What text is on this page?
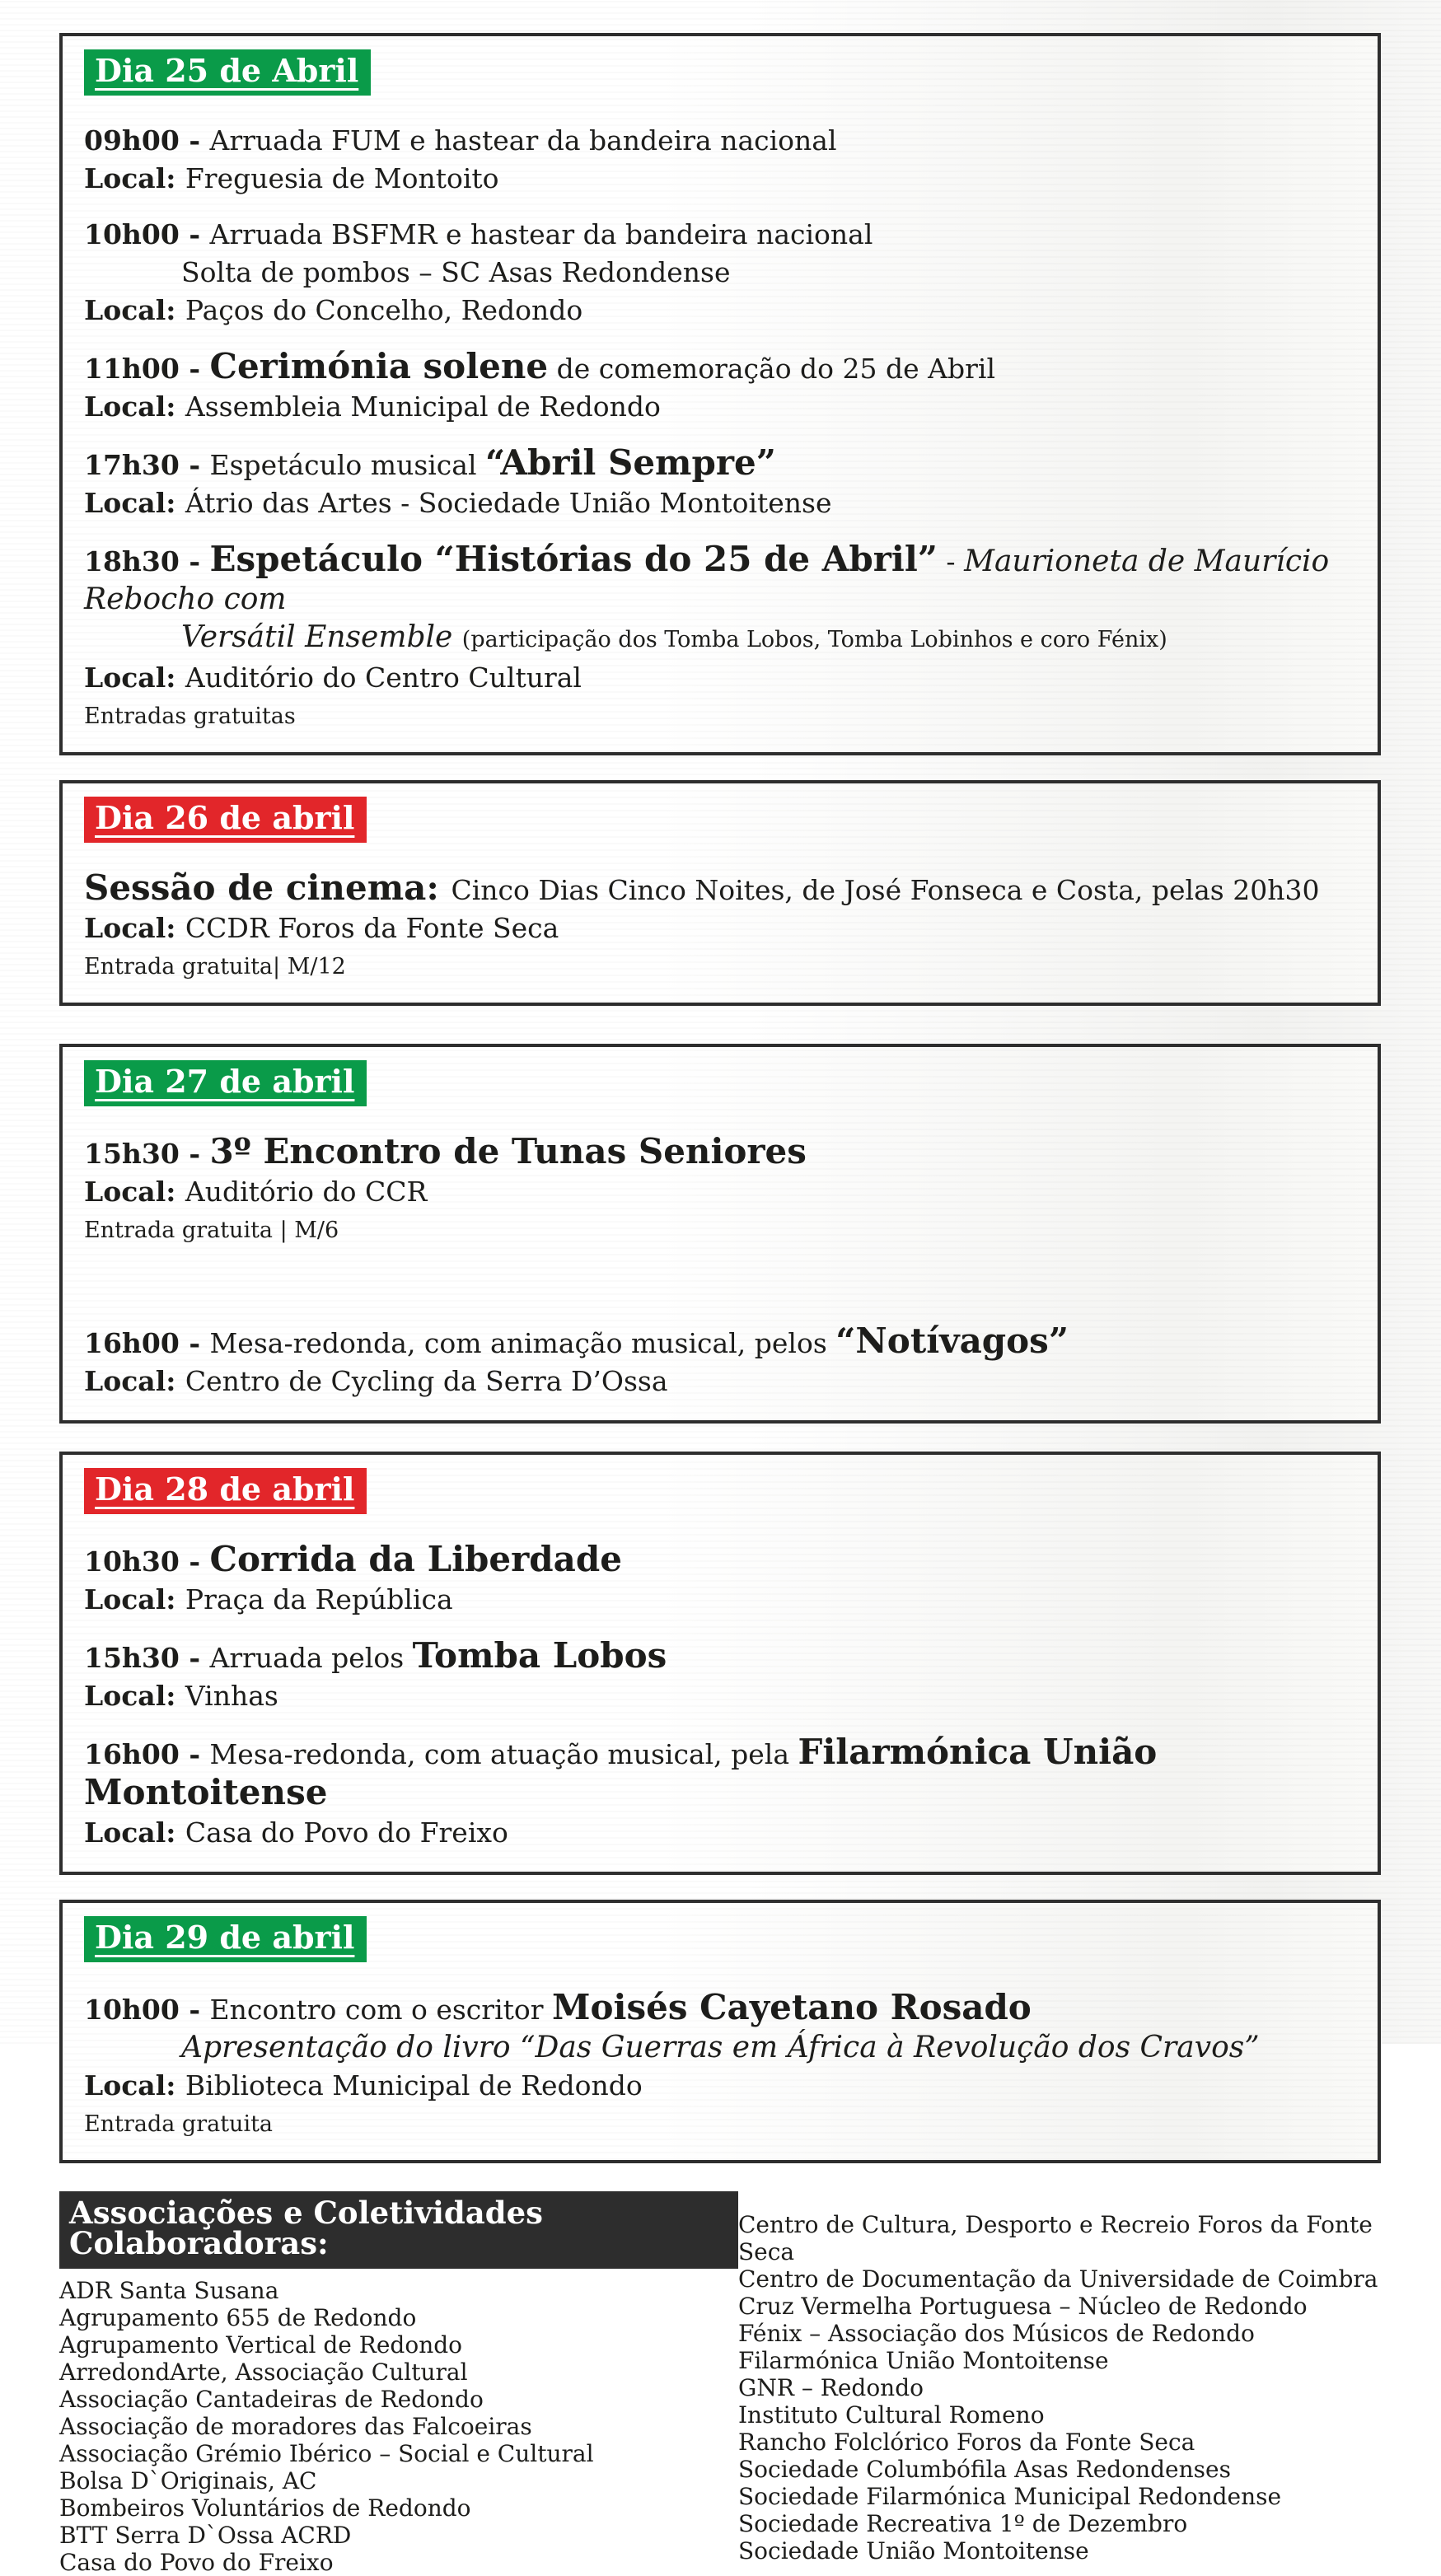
Dia 25 de Abril
09h00 - Arruada FUM e hastear da bandeira nacional
Local: Freguesia de Montoito
10h00 - Arruada BSFMR e hastear da bandeira nacional
Solta de pombos – SC Asas Redondense
Local: Paços do Concelho, Redondo
11h00 - Cerimónia solene de comemoração do 25 de Abril
Local: Assembleia Municipal de Redondo
17h30 - Espetáculo musical “Abril Sempre”
Local: Átrio das Artes - Sociedade União Montoitense
18h30 - Espetáculo “Histórias do 25 de Abril” - Maurioneta de Maurício Rebocho com
Versátil Ensemble (participação dos Tomba Lobos, Tomba Lobinhos e coro Fénix)
Local: Auditório do Centro Cultural
Entradas gratuitas
Dia 26 de abril
Sessão de cinema: Cinco Dias Cinco Noites, de José Fonseca e Costa, pelas 20h30
Local: CCDR Foros da Fonte Seca
Entrada gratuita| M/12
Dia 27 de abril
15h30 - 3º Encontro de Tunas Seniores
Local: Auditório do CCR
Entrada gratuita | M/6
16h00 - Mesa-redonda, com animação musical, pelos “Notívagos”
Local: Centro de Cycling da Serra D’Ossa
Dia 28 de abril
10h30 - Corrida da Liberdade
Local: Praça da República
15h30 - Arruada pelos Tomba Lobos
Local: Vinhas
16h00 - Mesa-redonda, com atuação musical, pela Filarmónica União Montoitense
Local: Casa do Povo do Freixo
Dia 29 de abril
10h00 - Encontro com o escritor Moisés Cayetano Rosado
Apresentação do livro “Das Guerras em África à Revolução dos Cravos”
Local: Biblioteca Municipal de Redondo
Entrada gratuita
Associações e Coletividades Colaboradoras:
ADR Santa Susana
Agrupamento 655 de Redondo
Agrupamento Vertical de Redondo
ArredondArte, Associação Cultural
Associação Cantadeiras de Redondo
Associação de moradores das Falcoeiras
Associação Grémio Ibérico – Social e Cultural
Bolsa D`Originais, AC
Bombeiros Voluntários de Redondo
BTT Serra D`Ossa ACRD
Casa do Povo do Freixo
Centro de Cultura, Desporto e Recreio Foros da Fonte Seca
Centro de Documentação da Universidade de Coimbra
Cruz Vermelha Portuguesa – Núcleo de Redondo
Fénix – Associação dos Músicos de Redondo
Filarmónica União Montoitense
GNR – Redondo
Instituto Cultural Romeno
Rancho Folclórico Foros da Fonte Seca
Sociedade Columbófila Asas Redondenses
Sociedade Filarmónica Municipal Redondense
Sociedade Recreativa 1º de Dezembro
Sociedade União Montoitense
